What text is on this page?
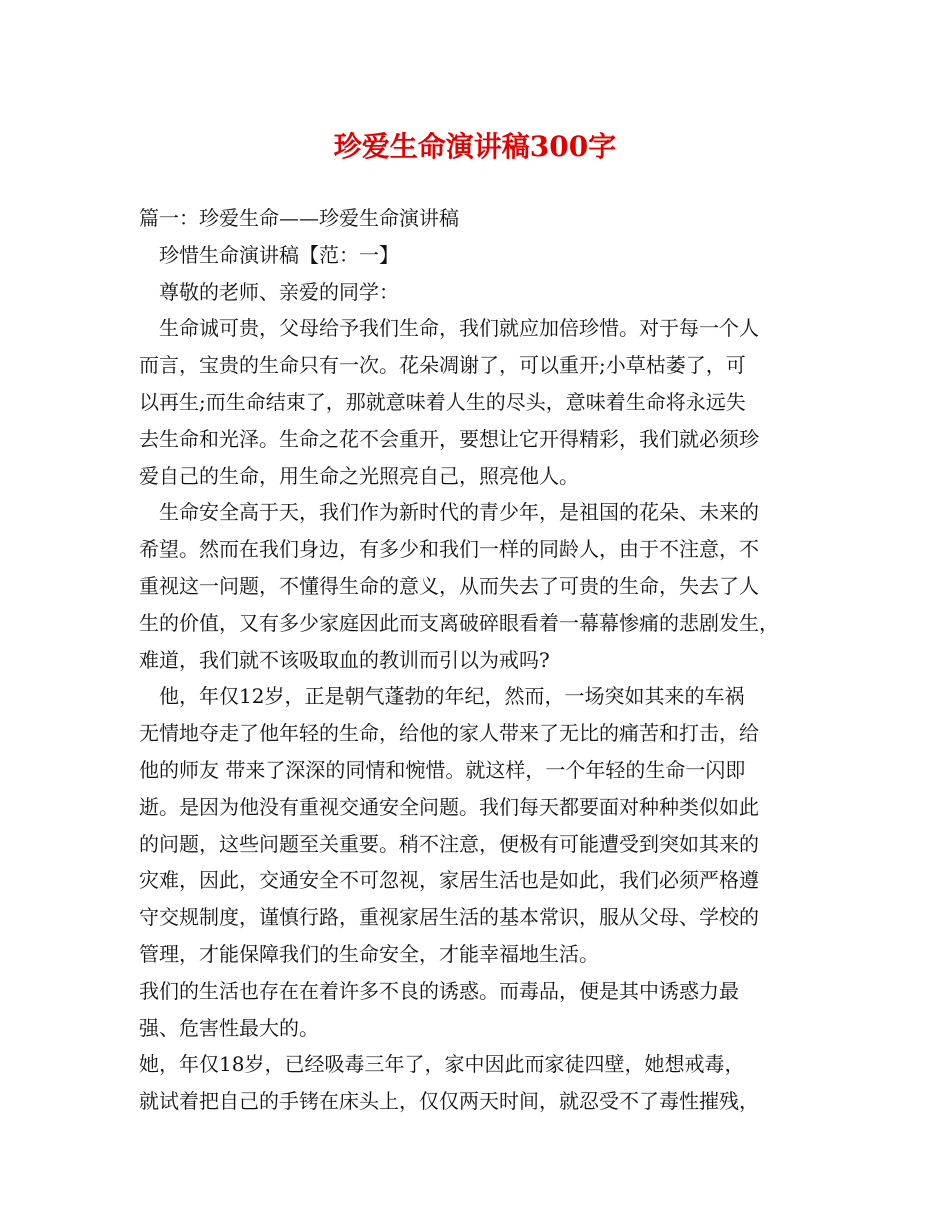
珍爱生命演讲稿300字
篇一：珍爱生命——珍爱生命演讲稿
　珍惜生命演讲稿【范：一】
　尊敬的老师、亲爱的同学：
　生命诚可贵，父母给予我们生命，我们就应加倍珍惜。对于每一个人
而言，宝贵的生命只有一次。花朵凋谢了，可以重开;小草枯萎了，可
以再生;而生命结束了，那就意味着人生的尽头，意味着生命将永远失
去生命和光泽。生命之花不会重开，要想让它开得精彩，我们就必须珍
爱自己的生命，用生命之光照亮自己，照亮他人。
　生命安全高于天，我们作为新时代的青少年，是祖国的花朵、未来的
希望。然而在我们身边，有多少和我们一样的同龄人，由于不注意，不
重视这一问题，不懂得生命的意义，从而失去了可贵的生命，失去了人
生的价值，又有多少家庭因此而支离破碎眼看着一幕幕惨痛的悲剧发生，
难道，我们就不该吸取血的教训而引以为戒吗?
　他，年仅12岁，正是朝气蓬勃的年纪，然而，一场突如其来的车祸
无情地夺走了他年轻的生命，给他的家人带来了无比的痛苦和打击，给
他的师友 带来了深深的同情和惋惜。就这样，一个年轻的生命一闪即
逝。是因为他没有重视交通安全问题。我们每天都要面对种种类似如此
的问题，这些问题至关重要。稍不注意，便极有可能遭受到突如其来的
灾难，因此，交通安全不可忽视，家居生活也是如此，我们必须严格遵
守交规制度，谨慎行路，重视家居生活的基本常识，服从父母、学校的
管理，才能保障我们的生命安全，才能幸福地生活。
我们的生活也存在在着许多不良的诱惑。而毒品，便是其中诱惑力最
强、危害性最大的。
她，年仅18岁，已经吸毒三年了，家中因此而家徒四壁，她想戒毒，
就试着把自己的手铐在床头上，仅仅两天时间，就忍受不了毒性摧残，
